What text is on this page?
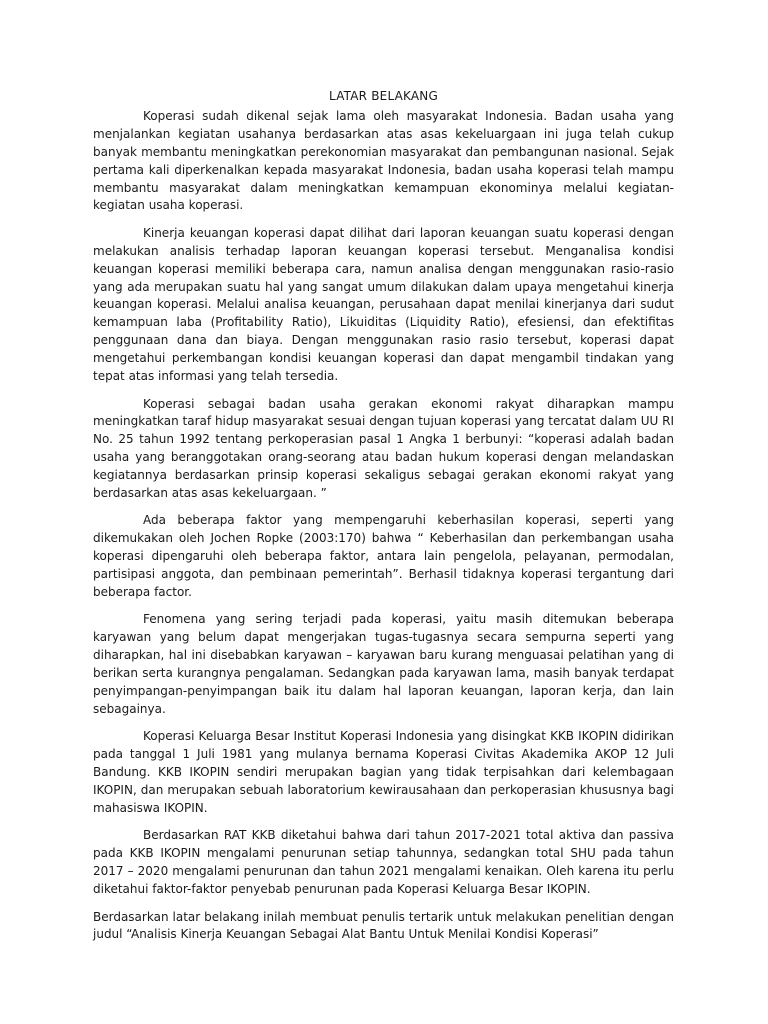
LATAR BELAKANG

Koperasi sudah dikenal sejak lama oleh masyarakat Indonesia. Badan usaha yang menjalankan kegiatan usahanya berdasarkan atas asas kekeluargaan ini juga telah cukup banyak membantu meningkatkan perekonomian masyarakat dan pembangunan nasional. Sejak pertama kali diperkenalkan kepada masyarakat Indonesia, badan usaha koperasi telah mampu membantu masyarakat dalam meningkatkan kemampuan ekonominya melalui kegiatan-kegiatan usaha koperasi.

Kinerja keuangan koperasi dapat dilihat dari laporan keuangan suatu koperasi dengan melakukan analisis terhadap laporan keuangan koperasi tersebut. Menganalisa kondisi keuangan koperasi memiliki beberapa cara, namun analisa dengan menggunakan rasio-rasio yang ada merupakan suatu hal yang sangat umum dilakukan dalam upaya mengetahui kinerja keuangan koperasi. Melalui analisa keuangan, perusahaan dapat menilai kinerjanya dari sudut kemampuan laba (Profitability Ratio), Likuiditas (Liquidity Ratio), efesiensi, dan efektifitas penggunaan dana dan biaya. Dengan menggunakan rasio rasio tersebut, koperasi dapat mengetahui perkembangan kondisi keuangan koperasi dan dapat mengambil tindakan yang tepat atas informasi yang telah tersedia.

Koperasi sebagai badan usaha gerakan ekonomi rakyat diharapkan mampu meningkatkan taraf hidup masyarakat sesuai dengan tujuan koperasi yang tercatat dalam UU RI No. 25 tahun 1992 tentang perkoperasian pasal 1 Angka 1 berbunyi: “koperasi adalah badan usaha yang beranggotakan orang-seorang atau badan hukum koperasi dengan melandaskan kegiatannya berdasarkan prinsip koperasi sekaligus sebagai gerakan ekonomi rakyat yang berdasarkan atas asas kekeluargaan. ”

Ada beberapa faktor yang mempengaruhi keberhasilan koperasi, seperti yang dikemukakan oleh Jochen Ropke (2003:170) bahwa “ Keberhasilan dan perkembangan usaha koperasi dipengaruhi oleh beberapa faktor, antara lain pengelola, pelayanan, permodalan, partisipasi anggota, dan pembinaan pemerintah”. Berhasil tidaknya koperasi tergantung dari beberapa factor.

Fenomena yang sering terjadi pada koperasi, yaitu masih ditemukan beberapa karyawan yang belum dapat mengerjakan tugas-tugasnya secara sempurna seperti yang diharapkan, hal ini disebabkan karyawan – karyawan baru kurang menguasai pelatihan yang di berikan serta kurangnya pengalaman. Sedangkan pada karyawan lama, masih banyak terdapat penyimpangan-penyimpangan baik itu dalam hal laporan keuangan, laporan kerja, dan lain sebagainya.

Koperasi Keluarga Besar Institut Koperasi Indonesia yang disingkat KKB IKOPIN didirikan pada tanggal 1 Juli 1981 yang mulanya bernama Koperasi Civitas Akademika AKOP 12 Juli Bandung. KKB IKOPIN sendiri merupakan bagian yang tidak terpisahkan dari kelembagaan IKOPIN, dan merupakan sebuah laboratorium kewirausahaan dan perkoperasian khususnya bagi mahasiswa IKOPIN.

Berdasarkan RAT KKB diketahui bahwa dari tahun 2017-2021 total aktiva dan passiva pada KKB IKOPIN mengalami penurunan setiap tahunnya, sedangkan total SHU pada tahun 2017 – 2020 mengalami penurunan dan tahun 2021 mengalami kenaikan. Oleh karena itu perlu diketahui faktor-faktor penyebab penurunan pada Koperasi Keluarga Besar IKOPIN.

Berdasarkan latar belakang inilah membuat penulis tertarik untuk melakukan penelitian dengan judul “Analisis Kinerja Keuangan Sebagai Alat Bantu Untuk Menilai Kondisi Koperasi”
